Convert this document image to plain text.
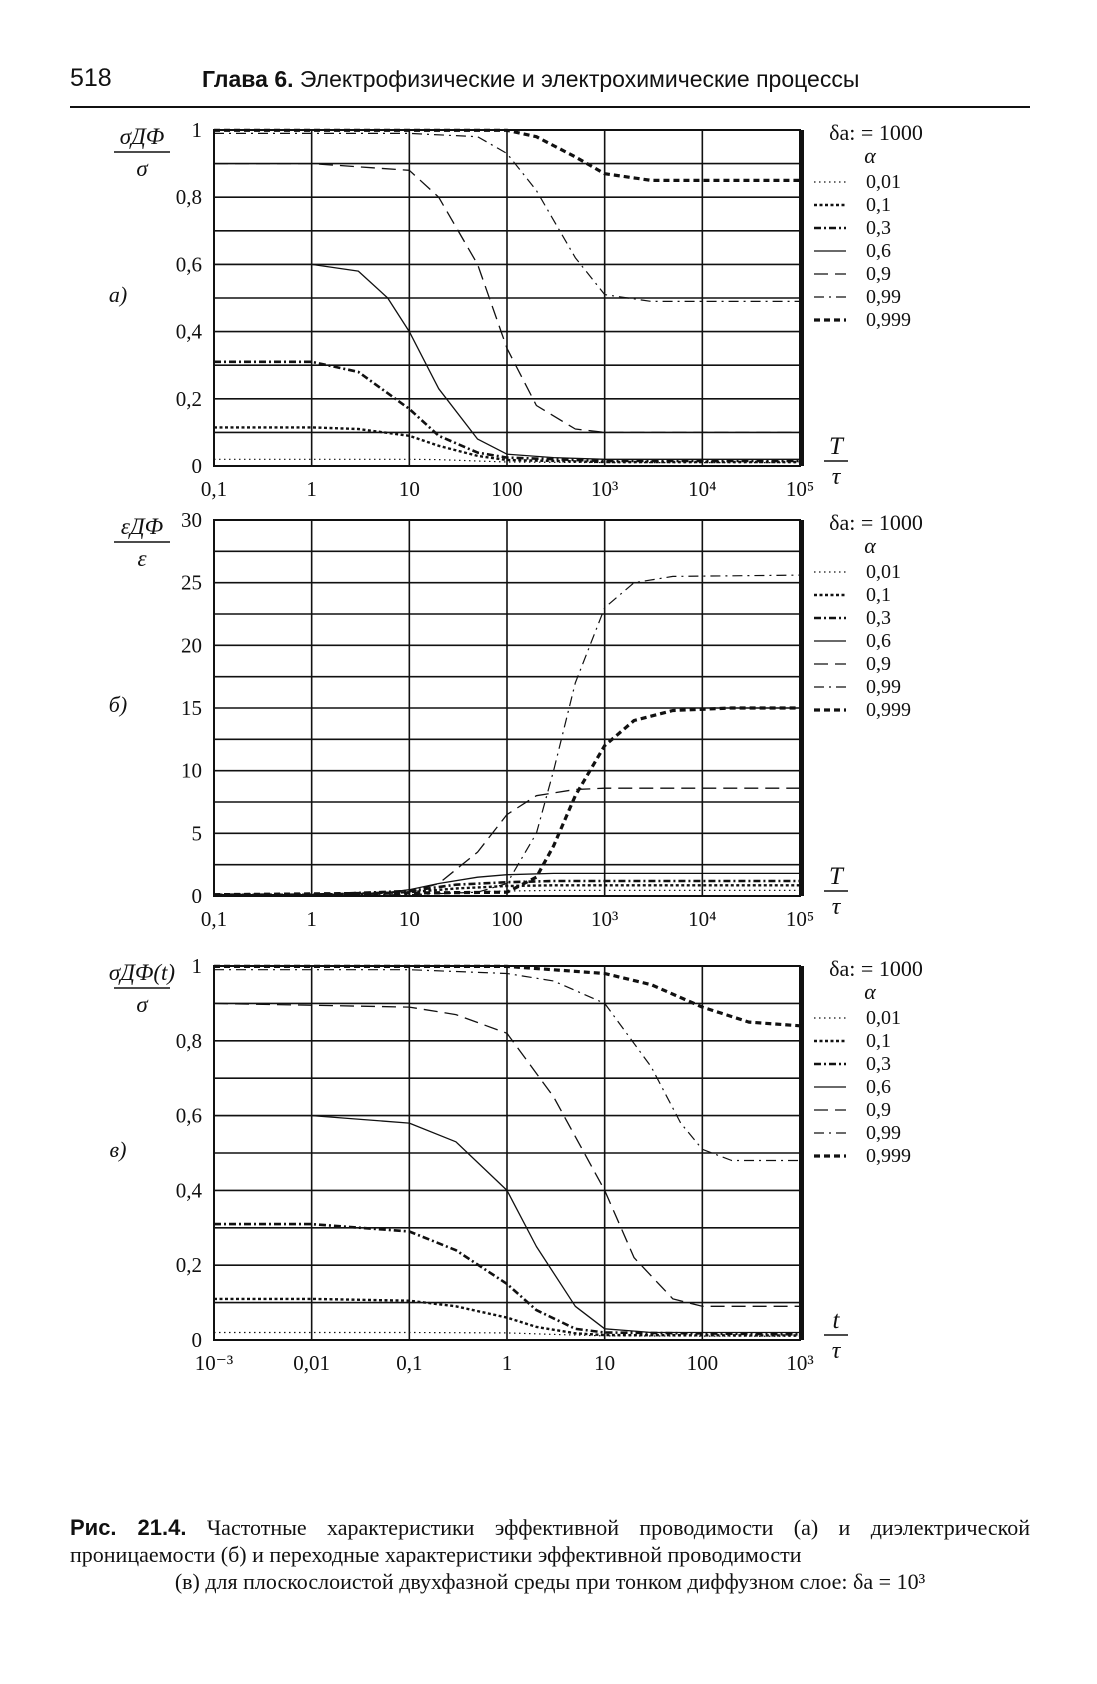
518	Глава 6. Электрофизические и электрохимические процессы
0,1	1	10	100	10³	10⁴	10⁵
0
0,2
0,4
0,6
0,8
1
σДФ
σ
T
τ
а)
δa: = 1000
α
0,01
0,1
0,3
0,6
0,9
0,99
0,999
0,1	1	10	100	10³	10⁴	10⁵
0
5
10
15
20
25
30
εДФ
ε
T
τ
б)
δa: = 1000
α
0,01
0,1
0,3
0,6
0,9
0,99
0,999
10⁻³	0,01	0,1	1	10	100	10³
0
0,2
0,4
0,6
0,8
1
σДФ(t)
σ
t
τ
в)
δa: = 1000
α
0,01
0,1
0,3
0,6
0,9
0,99
0,999
Рис. 21.4. Частотные характеристики эффективной проводимости (а) и диэлектрической проницаемости (б) и переходные характеристики эффективной проводимости
(в) для плоскослоистой двухфазной среды при тонком диффузном слое: δa = 10³
